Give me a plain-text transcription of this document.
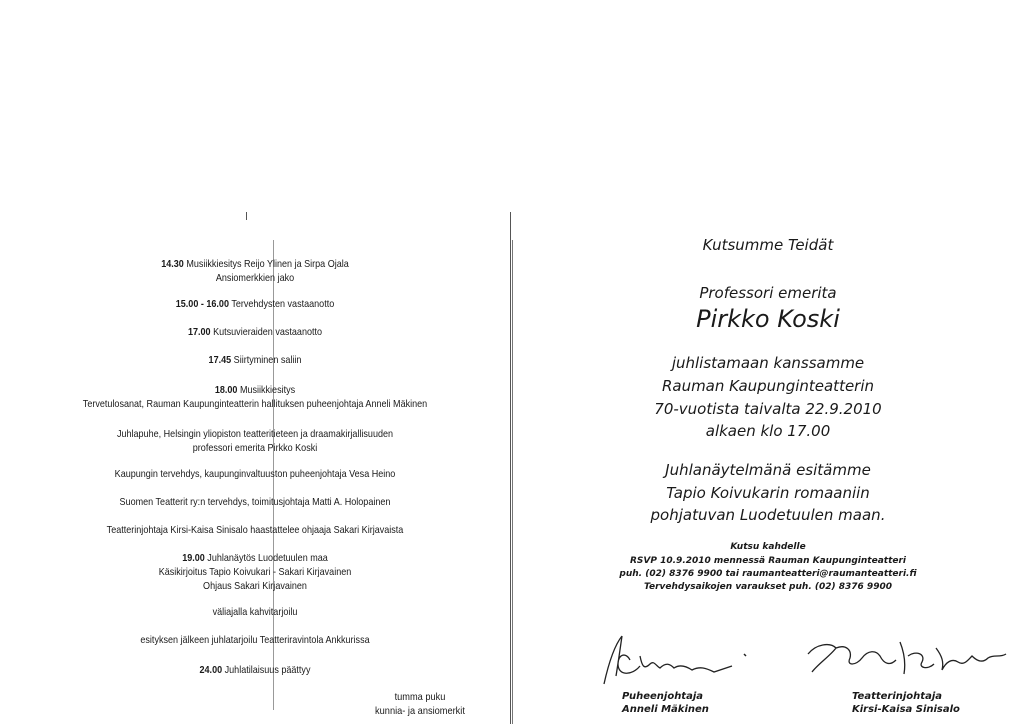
14.30 Musiikkiesitys Reijo Ylinen ja Sirpa Ojala
Ansiomerkkien jako
15.00 - 16.00 Tervehdysten vastaanotto
17.00 Kutsuvieraiden vastaanotto
17.45 Siirtyminen saliin
18.00 Musiikkiesitys
Tervetulosanat, Rauman Kaupunginteatterin hallituksen puheenjohtaja Anneli Mäkinen
Juhlapuhe, Helsingin yliopiston teatteritieteen ja draamakirjallisuuden
professori emerita Pirkko Koski
Kaupungin tervehdys, kaupunginvaltuuston puheenjohtaja Vesa Heino
Suomen Teatterit ry:n tervehdys, toimitusjohtaja Matti A. Holopainen
Teatterinjohtaja Kirsi-Kaisa Sinisalo haastattelee ohjaaja Sakari Kirjavaista
19.00 Juhlanäytös Luodetuulen maa
Käsikirjoitus Tapio Koivukari - Sakari Kirjavainen
Ohjaus Sakari Kirjavainen
väliajalla kahvitarjoilu
esityksen jälkeen juhlatarjoilu Teatteriravintola Ankkurissa
24.00 Juhlatilaisuus päättyy
tumma puku
kunnia- ja ansiomerkit
Kutsumme Teidät
Professori emerita
Pirkko Koski
juhlistamaan kanssamme
Rauman Kaupunginteatterin
70-vuotista taivalta 22.9.2010
alkaen klo 17.00
Juhlanäytelmänä esitämme
Tapio Koivukarin romaaniin
pohjatuvan Luodetuulen maan.
Kutsu kahdelle
RSVP 10.9.2010 mennessä Rauman Kaupunginteatteri
puh. (02) 8376 9900 tai raumanteatteri@raumanteatteri.fi
Tervehdysaikojen varaukset puh. (02) 8376 9900
Puheenjohtaja
Anneli Mäkinen
Teatterinjohtaja
Kirsi-Kaisa Sinisalo
